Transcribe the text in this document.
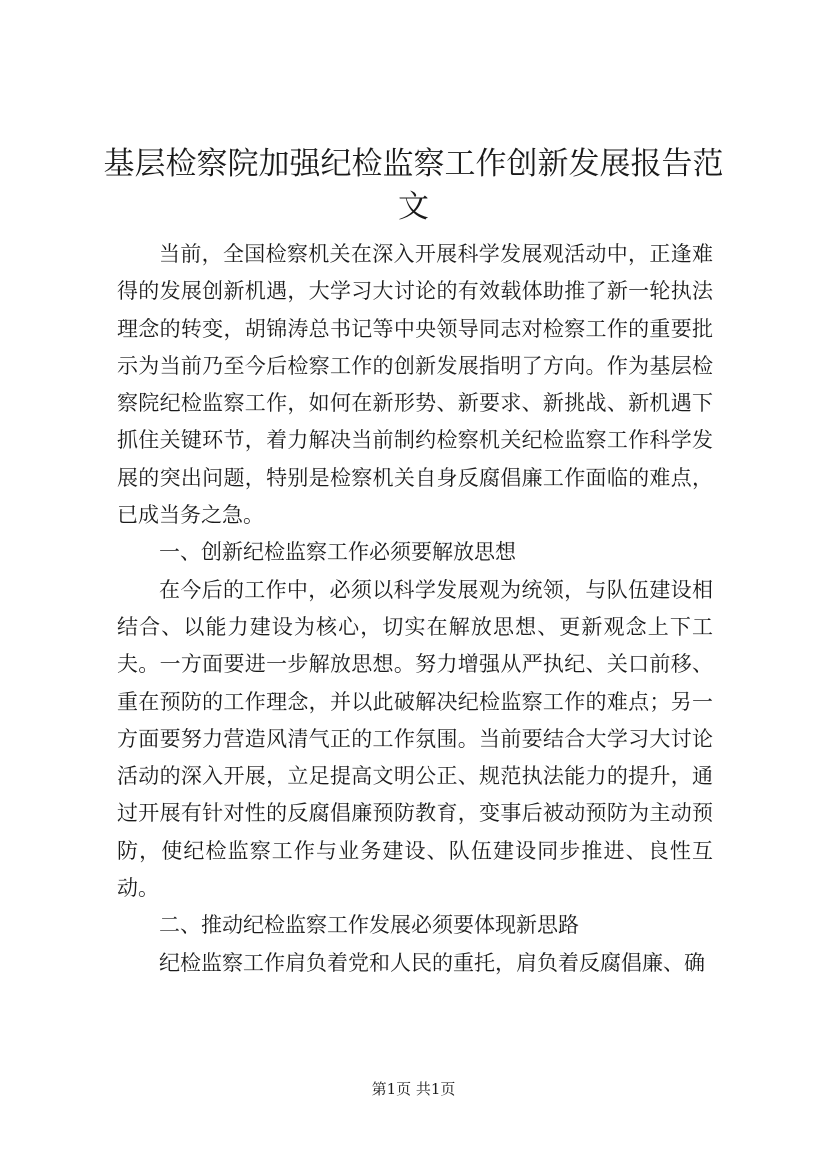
基层检察院加强纪检监察工作创新发展报告范文

当前，全国检察机关在深入开展科学发展观活动中，正逢难得的发展创新机遇，大学习大讨论的有效载体助推了新一轮执法理念的转变，胡锦涛总书记等中央领导同志对检察工作的重要批示为当前乃至今后检察工作的创新发展指明了方向。作为基层检察院纪检监察工作，如何在新形势、新要求、新挑战、新机遇下抓住关键环节，着力解决当前制约检察机关纪检监察工作科学发展的突出问题，特别是检察机关自身反腐倡廉工作面临的难点，已成当务之急。

一、创新纪检监察工作必须要解放思想

在今后的工作中，必须以科学发展观为统领，与队伍建设相结合、以能力建设为核心，切实在解放思想、更新观念上下工夫。一方面要进一步解放思想。努力增强从严执纪、关口前移、重在预防的工作理念，并以此破解决纪检监察工作的难点；另一方面要努力营造风清气正的工作氛围。当前要结合大学习大讨论活动的深入开展，立足提高文明公正、规范执法能力的提升，通过开展有针对性的反腐倡廉预防教育，变事后被动预防为主动预防，使纪检监察工作与业务建设、队伍建设同步推进、良性互动。

二、推动纪检监察工作发展必须要体现新思路

纪检监察工作肩负着党和人民的重托，肩负着反腐倡廉、确

第1页 共1页
